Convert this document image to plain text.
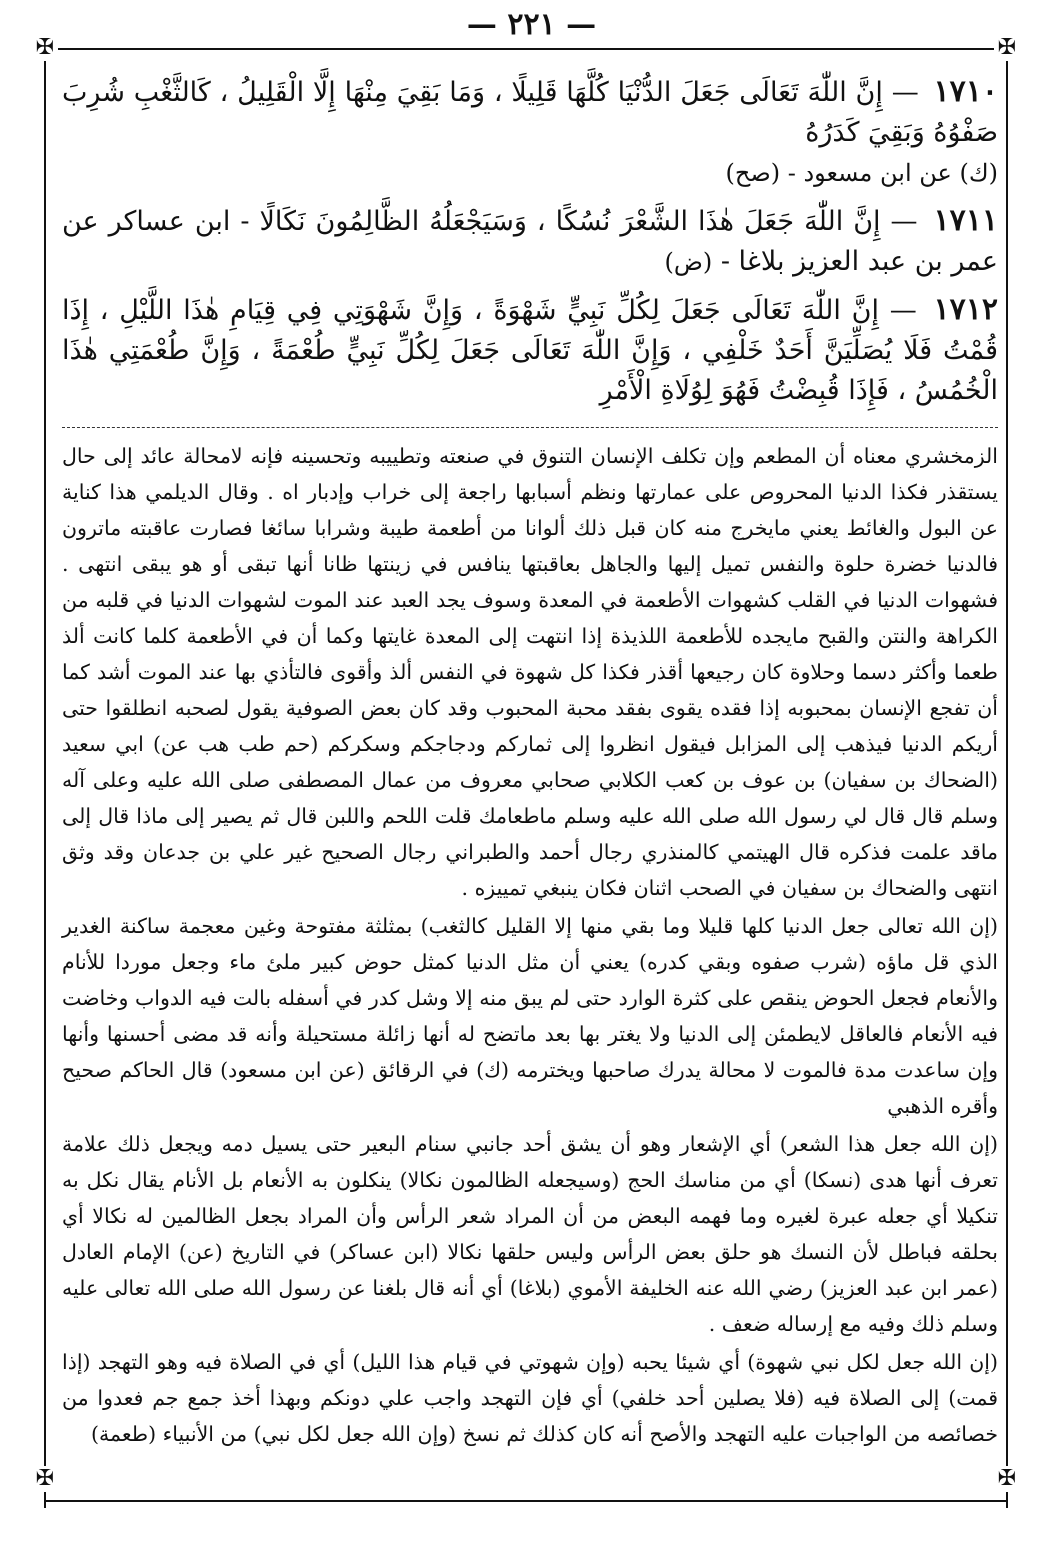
— ٢٢١ —
✠	✠
✠	✠

١٧١٠ — إِنَّ اللّٰهَ تَعَالَى جَعَلَ الدُّنْيَا كُلَّهَا قَلِيلًا ، وَمَا بَقِيَ مِنْهَا إِلَّا الْقَلِيلُ ، كَالثَّغْبِ شُرِبَ صَفْوُهُ وَبَقِيَ كَدَرُهُ
(ك) عن ابن مسعود - (صح)

١٧١١ — إِنَّ اللّٰهَ جَعَلَ هٰذَا الشَّعْرَ نُسُكًا ، وَسَيَجْعَلُهُ الظَّالِمُونَ نَكَالًا - ابن عساكر عن عمر بن عبد العزيز بلاغا - (ض)

١٧١٢ — إِنَّ اللّٰهَ تَعَالَى جَعَلَ لِكُلِّ نَبِيٍّ شَهْوَةً ، وَإِنَّ شَهْوَتِي فِي قِيَامِ هٰذَا اللَّيْلِ ، إِذَا قُمْتُ فَلَا يُصَلِّيَنَّ أَحَدٌ خَلْفِي ، وَإِنَّ اللّٰهَ تَعَالَى جَعَلَ لِكُلِّ نَبِيٍّ طُعْمَةً ، وَإِنَّ طُعْمَتِي هٰذَا الْخُمُسُ ، فَإِذَا قُبِضْتُ فَهُوَ لِوُلَاةِ الْأَمْرِ

الزمخشري معناه أن المطعم وإن تكلف الإنسان التنوق في صنعته وتطييبه وتحسينه فإنه لامحالة عائد إلى حال يستقذر فكذا الدنيا المحروص على عمارتها ونظم أسبابها راجعة إلى خراب وإدبار اه . وقال الديلمي هذا كناية عن البول والغائط يعني مايخرج منه كان قبل ذلك ألوانا من أطعمة طيبة وشرابا سائغا فصارت عاقبته ماترون فالدنيا خضرة حلوة والنفس تميل إليها والجاهل بعاقبتها ينافس في زينتها ظانا أنها تبقى أو هو يبقى انتهى . فشهوات الدنيا في القلب كشهوات الأطعمة في المعدة وسوف يجد العبد عند الموت لشهوات الدنيا في قلبه من الكراهة والنتن والقبح مايجده للأطعمة اللذيذة إذا انتهت إلى المعدة غايتها وكما أن في الأطعمة كلما كانت ألذ طعما وأكثر دسما وحلاوة كان رجيعها أقذر فكذا كل شهوة في النفس ألذ وأقوى فالتأذي بها عند الموت أشد كما أن تفجع الإنسان بمحبوبه إذا فقده يقوى بفقد محبة المحبوب وقد كان بعض الصوفية يقول لصحبه انطلقوا حتى أريكم الدنيا فيذهب إلى المزابل فيقول انظروا إلى ثماركم ودجاجكم وسكركم (حم طب هب عن) ابي سعيد (الضحاك بن سفيان) بن عوف بن كعب الكلابي صحابي معروف من عمال المصطفى صلى الله عليه وعلى آله وسلم قال قال لي رسول الله صلى الله عليه وسلم ماطعامك قلت اللحم واللبن قال ثم يصير إلى ماذا قال إلى ماقد علمت فذكره قال الهيتمي كالمنذري رجال أحمد والطبراني رجال الصحيح غير علي بن جدعان وقد وثق انتهى والضحاك بن سفيان في الصحب اثنان فكان ينبغي تمييزه .

(إن الله تعالى جعل الدنيا كلها قليلا وما بقي منها إلا القليل كالثغب) بمثلثة مفتوحة وغين معجمة ساكنة الغدير الذي قل ماؤه (شرب صفوه وبقي كدره) يعني أن مثل الدنيا كمثل حوض كبير ملئ ماء وجعل موردا للأنام والأنعام فجعل الحوض ينقص على كثرة الوارد حتى لم يبق منه إلا وشل كدر في أسفله بالت فيه الدواب وخاضت فيه الأنعام فالعاقل لايطمئن إلى الدنيا ولا يغتر بها بعد ماتضح له أنها زائلة مستحيلة وأنه قد مضى أحسنها وأنها وإن ساعدت مدة فالموت لا محالة يدرك صاحبها ويخترمه (ك) في الرقائق (عن ابن مسعود) قال الحاكم صحيح وأقره الذهبي

(إن الله جعل هذا الشعر) أي الإشعار وهو أن يشق أحد جانبي سنام البعير حتى يسيل دمه ويجعل ذلك علامة تعرف أنها هدى (نسكا) أي من مناسك الحج (وسيجعله الظالمون نكالا) ينكلون به الأنعام بل الأنام يقال نكل به تنكيلا أي جعله عبرة لغيره وما فهمه البعض من أن المراد شعر الرأس وأن المراد بجعل الظالمين له نكالا أي بحلقه فباطل لأن النسك هو حلق بعض الرأس وليس حلقها نكالا (ابن عساكر) في التاريخ (عن) الإمام العادل (عمر ابن عبد العزيز) رضي الله عنه الخليفة الأموي (بلاغا) أي أنه قال بلغنا عن رسول الله صلى الله تعالى عليه وسلم ذلك وفيه مع إرساله ضعف .

(إن الله جعل لكل نبي شهوة) أي شيئا يحبه (وإن شهوتي في قيام هذا الليل) أي في الصلاة فيه وهو التهجد (إذا قمت) إلى الصلاة فيه (فلا يصلين أحد خلفي) أي فإن التهجد واجب علي دونكم وبهذا أخذ جمع جم فعدوا من خصائصه من الواجبات عليه التهجد والأصح أنه كان كذلك ثم نسخ (وإن الله جعل لكل نبي) من الأنبياء (طعمة)
